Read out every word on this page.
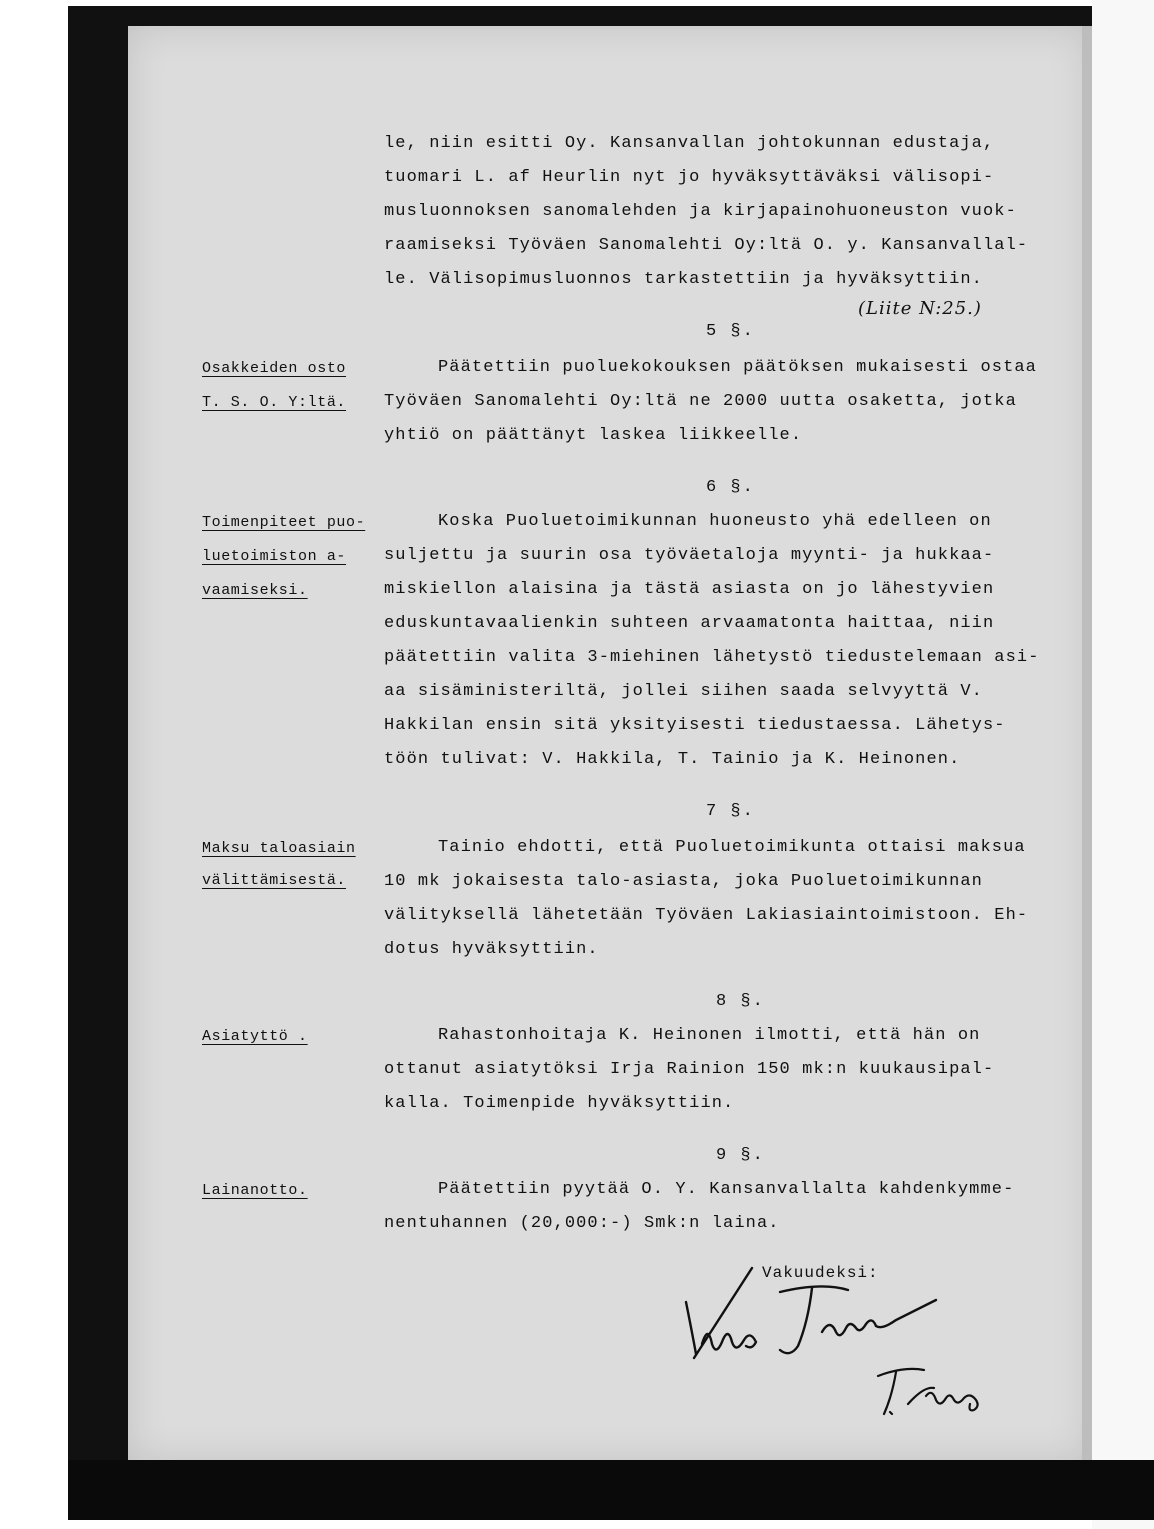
le, niin esitti Oy. Kansanvallan johtokunnan edustaja,
tuomari L. af Heurlin nyt jo hyväksyttäväksi välisopi-
musluonnoksen sanomalehden ja kirjapainohuoneuston vuok-
raamiseksi Työväen Sanomalehti Oy:ltä O. y. Kansanvallal-
le. Välisopimusluonnos tarkastettiin ja hyväksyttiin.
(Liite N:25.)
5 §.
Osakkeiden osto
T. S. O. Y:ltä.
Päätettiin puoluekokouksen päätöksen mukaisesti ostaa
Työväen Sanomalehti Oy:ltä ne 2000 uutta osaketta, jotka
yhtiö on päättänyt laskea liikkeelle.
6 §.
Toimenpiteet puo-
luetoimiston a-
vaamiseksi.
Koska Puoluetoimikunnan huoneusto yhä edelleen on
suljettu ja suurin osa työväetaloja myynti- ja hukkaa-
miskiellon alaisina ja tästä asiasta on jo lähestyvien
eduskuntavaalienkin suhteen arvaamatonta haittaa, niin
päätettiin valita 3-miehinen lähetystö tiedustelemaan asi-
aa sisäministeriltä, jollei siihen saada selvyyttä V.
Hakkilan ensin sitä yksityisesti tiedustaessa. Lähetys-
töön tulivat: V. Hakkila, T. Tainio ja K. Heinonen.
7 §.
Maksu taloasiain
välittämisestä.
Tainio ehdotti, että Puoluetoimikunta ottaisi maksua
10 mk jokaisesta talo-asiasta, joka Puoluetoimikunnan
välityksellä lähetetään Työväen Lakiasiaintoimistoon. Eh-
dotus hyväksyttiin.
8 §.
Asiatyttö .	Rahastonhoitaja K. Heinonen ilmotti, että hän on
ottanut asiatytöksi Irja Rainion 150 mk:n kuukausipal-
kalla. Toimenpide hyväksyttiin.
9 §.
Lainanotto.	Päätettiin pyytää O. Y. Kansanvallalta kahdenkymme-
nentuhannen (20,000:-) Smk:n laina.
Vakuudeksi:
